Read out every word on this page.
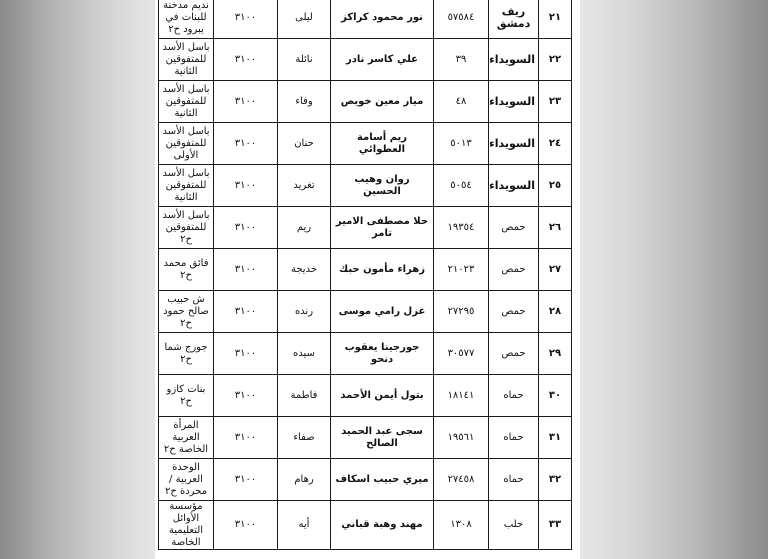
٢١	ريف دمشق	٥٧٥٨٤	نور محمود كراكز	ليلى	٣١٠٠	نديم مدخنة للبنات في يبرود ح٢
٢٢	السويداء	٣٩	علي كاسر نادر	نائلة	٣١٠٠	باسل الأسد للمتفوقين الثانية
٢٣	السويداء	٤٨	ميار معين خويص	وفاء	٣١٠٠	باسل الأسد للمتفوقين الثانية
٢٤	السويداء	٥٠١٣	ريم أسامة العطوائي	حنان	٣١٠٠	باسل الأسد للمتفوقين الأولى
٢٥	السويداء	٥٠٥٤	روان وهيب الحسين	تغريد	٣١٠٠	باسل الأسد للمتفوقين الثانية
٢٦	حمص	١٩٣٥٤	حلا مصطفى الامير تامر	ريم	٣١٠٠	باسل الأسد للمتفوقين ح٢
٢٧	حمص	٢١٠٢٣	زهراء مأمون حبك	خديجة	٣١٠٠	فائق محمد ح٢
٢٨	حمص	٢٧٢٩٥	غزل رامي موسى	رنده	٣١٠٠	ش حبيب صالح حمود ح٢
٢٩	حمص	٣٠٥٧٧	جورجينا يعقوب دنحو	سيده	٣١٠٠	جورج شما ح٢
٣٠	حماه	١٨١٤١	بتول أيمن الأحمد	فاطمة	٣١٠٠	بنات كازو ح٢
٣١	حماه	١٩٥٦١	سجى عبد الحميد الصالح	صفاء	٣١٠٠	المرأة العربية الخاصة ح٢
٣٢	حماه	٢٧٤٥٨	ميري حبيب اسكاف	رهام	٣١٠٠	الوحدة العربية / محردة ح٢
٣٣	حلب	١٣٠٨	مهند وهبة قباني	أيه	٣١٠٠	مؤسسة الأوائل التعليمية الخاصة
